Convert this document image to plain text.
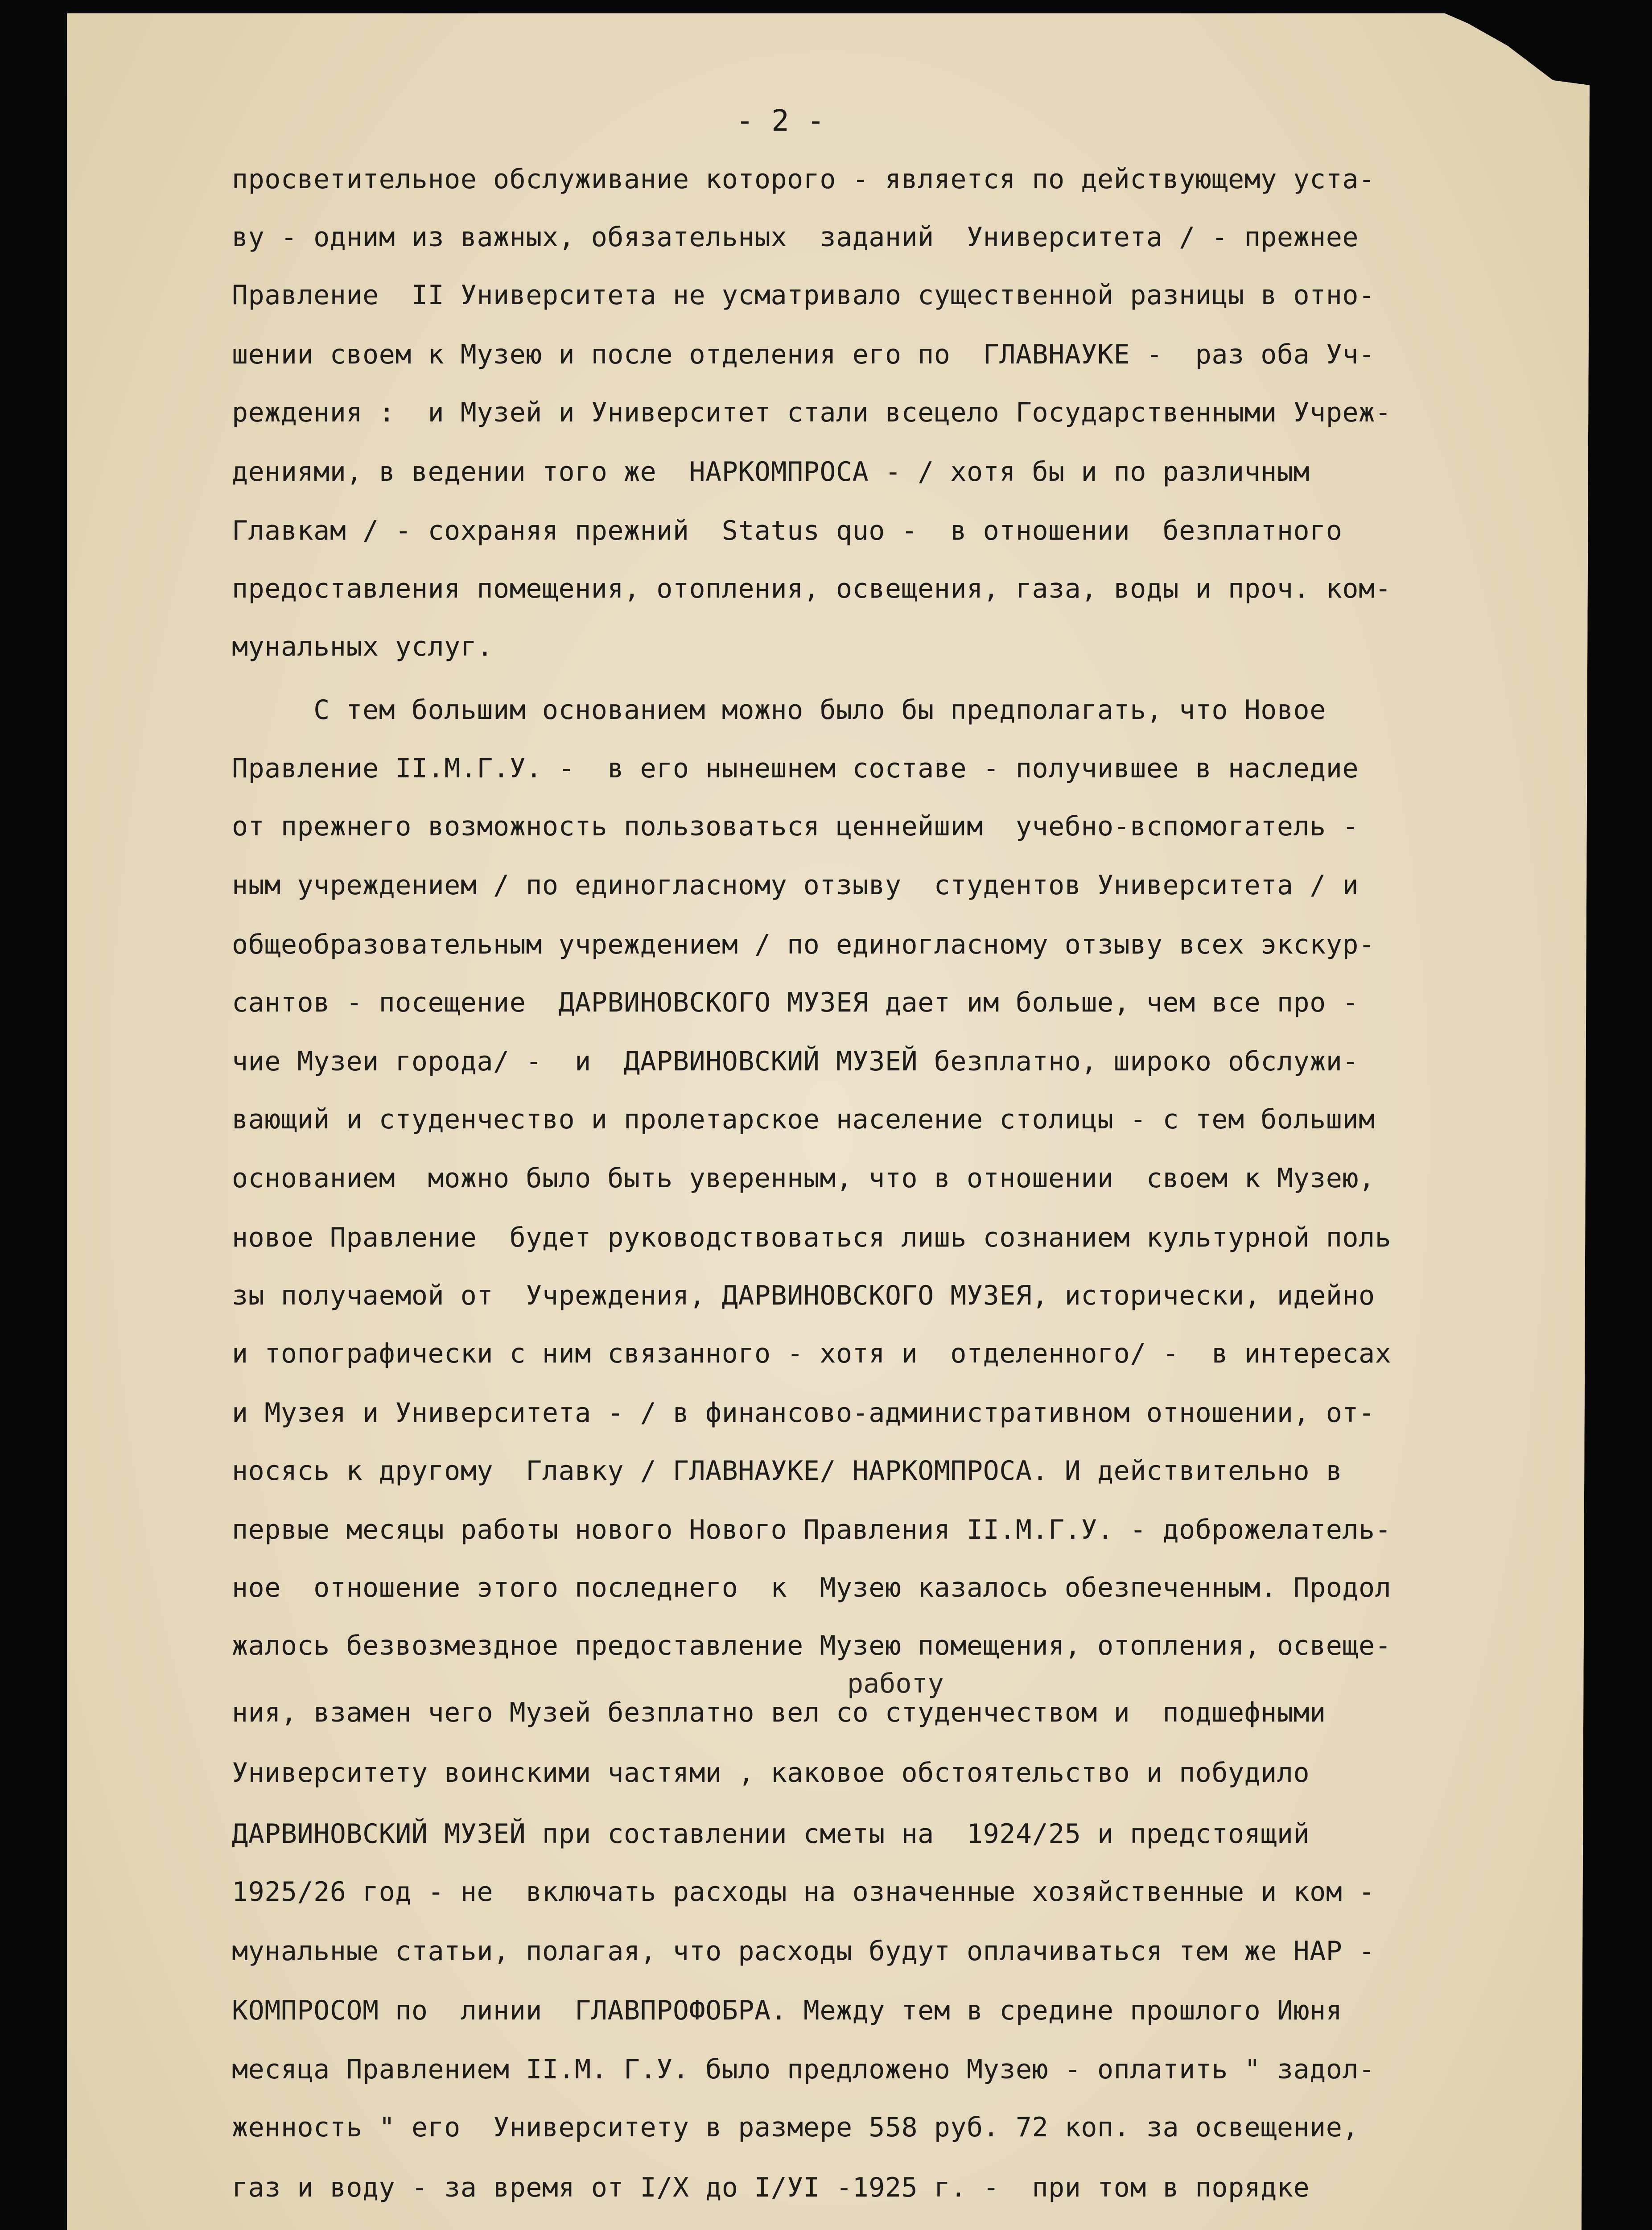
- 2 -
просветительное обслуживание которого - является по действующему уста-
ву - одним из важных, обязательных  заданий  Университета / - прежнее
Правление  II Университета не усматривало существенной разницы в отно-
шении своем к Музею и после отделения его по  ГЛАВНАУКЕ -  раз оба Уч-
реждения :  и Музей и Университет стали всецело Государственными Учреж-
дениями, в ведении того же  НАРКОМПРОСА - / хотя бы и по различным
Главкам / - сохраняя прежний  Status quo -  в отношении  безплатного
предоставления помещения, отопления, освещения, газа, воды и проч. ком-
мунальных услуг.
С тем большим основанием можно было бы предполагать, что Новое
Правление II.М.Г.У. -  в его нынешнем составе - получившее в наследие
от прежнего возможность пользоваться ценнейшим  учебно-вспомогатель -
ным учреждением / по единогласному отзыву  студентов Университета / и
общеобразовательным учреждением / по единогласному отзыву всех экскур-
сантов - посещение  ДАРВИНОВСКОГО МУЗЕЯ дает им больше, чем все про -
чие Музеи города/ -  и  ДАРВИНОВСКИЙ МУЗЕЙ безплатно, широко обслужи-
вающий и студенчество и пролетарское население столицы - с тем большим
основанием  можно было быть уверенным, что в отношении  своем к Музею,
новое Правление  будет руководствоваться лишь сознанием культурной поль
зы получаемой от  Учреждения, ДАРВИНОВСКОГО МУЗЕЯ, исторически, идейно
и топографически с ним связанного - хотя и  отделенного/ -  в интересах
и Музея и Университета - / в финансово-административном отношении, от-
носясь к другому  Главку / ГЛАВНАУКЕ/ НАРКОМПРОСА. И действительно в
первые месяцы работы нового Нового Правления II.М.Г.У. - доброжелатель-
ное  отношение этого последнего  к  Музею казалось обезпеченным. Продол
жалось безвозмездное предоставление Музею помещения, отопления, освеще-
ния, взамен чего Музей безплатно вел со студенчеством и  подшефными
Университету воинскими частями , каковое обстоятельство и побудило
ДАРВИНОВСКИЙ МУЗЕЙ при составлении сметы на  1924/25 и предстоящий
1925/26 год - не  включать расходы на означенные хозяйственные и ком -
мунальные статьи, полагая, что расходы будут оплачиваться тем же НАР -
КОМПРОСОМ по  линии  ГЛАВПРОФОБРА. Между тем в средине прошлого Июня
месяца Правлением II.М. Г.У. было предложено Музею - оплатить " задол-
женность " его  Университету в размере 558 руб. 72 коп. за освещение,
газ и воду - за время от I/X до I/УI -1925 г. -  при том в порядке
работу
